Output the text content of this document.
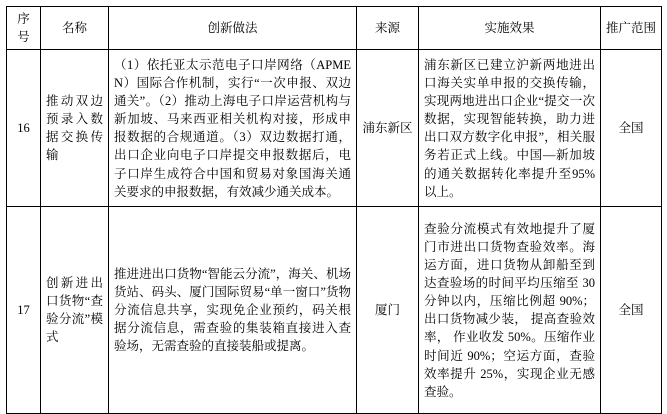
序号	名称	创新做法	来源	实施效果	推广范围
16	推动双边预录入数据交换传输	（1）依托亚太示范电子口岸网络（APMEN）国际合作机制，实行“一次申报、双边通关”。（2）推动上海电子口岸运营机构与新加坡、马来西亚相关机构对接，形成申报数据的合规通道。（3）双边数据打通，出口企业向电子口岸提交申报数据后，电子口岸生成符合中国和贸易对象国海关通关要求的申报数据，有效减少通关成本。	浦东新区	浦东新区已建立沪新两地进出口海关实单申报的交换传输，实现两地进出口企业“提交一次数据，实现智能转换，助力进出口双方数字化申报”，相关服务若正式上线。中国—新加坡的通关数据转化率提升至95%以上。	全国
17	创新进出口货物“查验分流”模式	推进进出口货物“智能云分流”，海关、机场货站、码头、厦门国际贸易“单一窗口”货物分流信息共享，实现免企业预约，码关根据分流信息，需查验的集装箱直接进入查验场，无需查验的直接装船或提离。	厦门	查验分流模式有效地提升了厦门市进出口货物查验效率。海运方面，进口货物从卸船至到达查验场的时间平均压缩至 30 分钟以内，压缩比例超 90%；出口货物减少装， 提高查验效率， 作业收发 50%。压缩作业时间近 90%；空运方面，查验效率提升 25%，实现企业无感查验。	全国
